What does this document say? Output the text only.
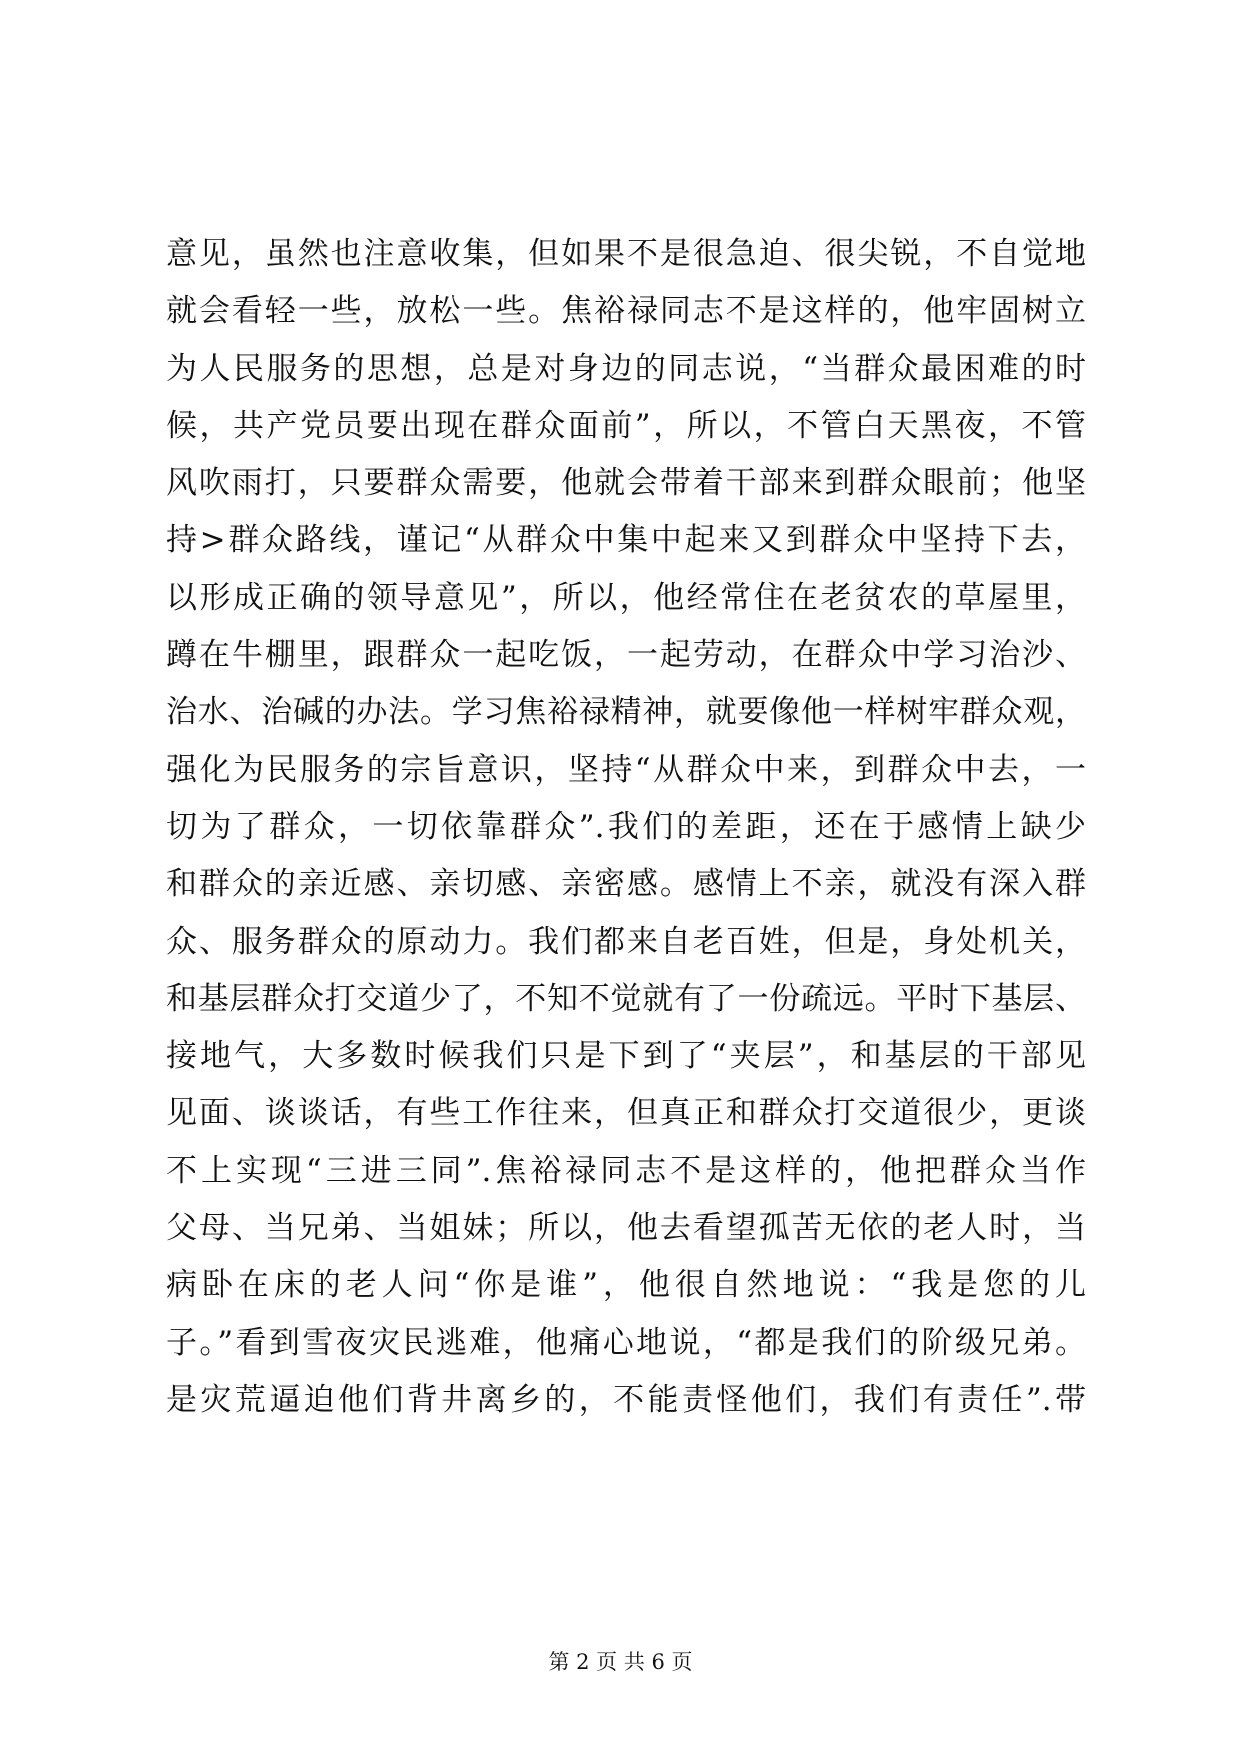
意见，虽然也注意收集，但如果不是很急迫、很尖锐，不自觉地
就会看轻一些，放松一些。焦裕禄同志不是这样的，他牢固树立
为人民服务的思想，总是对身边的同志说，“当群众最困难的时
候，共产党员要出现在群众面前”，所以，不管白天黑夜，不管
风吹雨打，只要群众需要，他就会带着干部来到群众眼前；他坚
持>群众路线，谨记“从群众中集中起来又到群众中坚持下去，
以形成正确的领导意见”，所以，他经常住在老贫农的草屋里，
蹲在牛棚里，跟群众一起吃饭，一起劳动，在群众中学习治沙、
治水、治碱的办法。学习焦裕禄精神，就要像他一样树牢群众观，
强化为民服务的宗旨意识，坚持“从群众中来，到群众中去，一
切为了群众，一切依靠群众”.我们的差距，还在于感情上缺少
和群众的亲近感、亲切感、亲密感。感情上不亲，就没有深入群
众、服务群众的原动力。我们都来自老百姓，但是，身处机关，
和基层群众打交道少了，不知不觉就有了一份疏远。平时下基层、
接地气，大多数时候我们只是下到了“夹层”，和基层的干部见
见面、谈谈话，有些工作往来，但真正和群众打交道很少，更谈
不上实现“三进三同”.焦裕禄同志不是这样的，他把群众当作
父母、当兄弟、当姐妹；所以，他去看望孤苦无依的老人时，当
病卧在床的老人问“你是谁”，他很自然地说：“我是您的儿
子。”看到雪夜灾民逃难，他痛心地说，“都是我们的阶级兄弟。
是灾荒逼迫他们背井离乡的，不能责怪他们，我们有责任”.带
第 2 页 共 6 页
